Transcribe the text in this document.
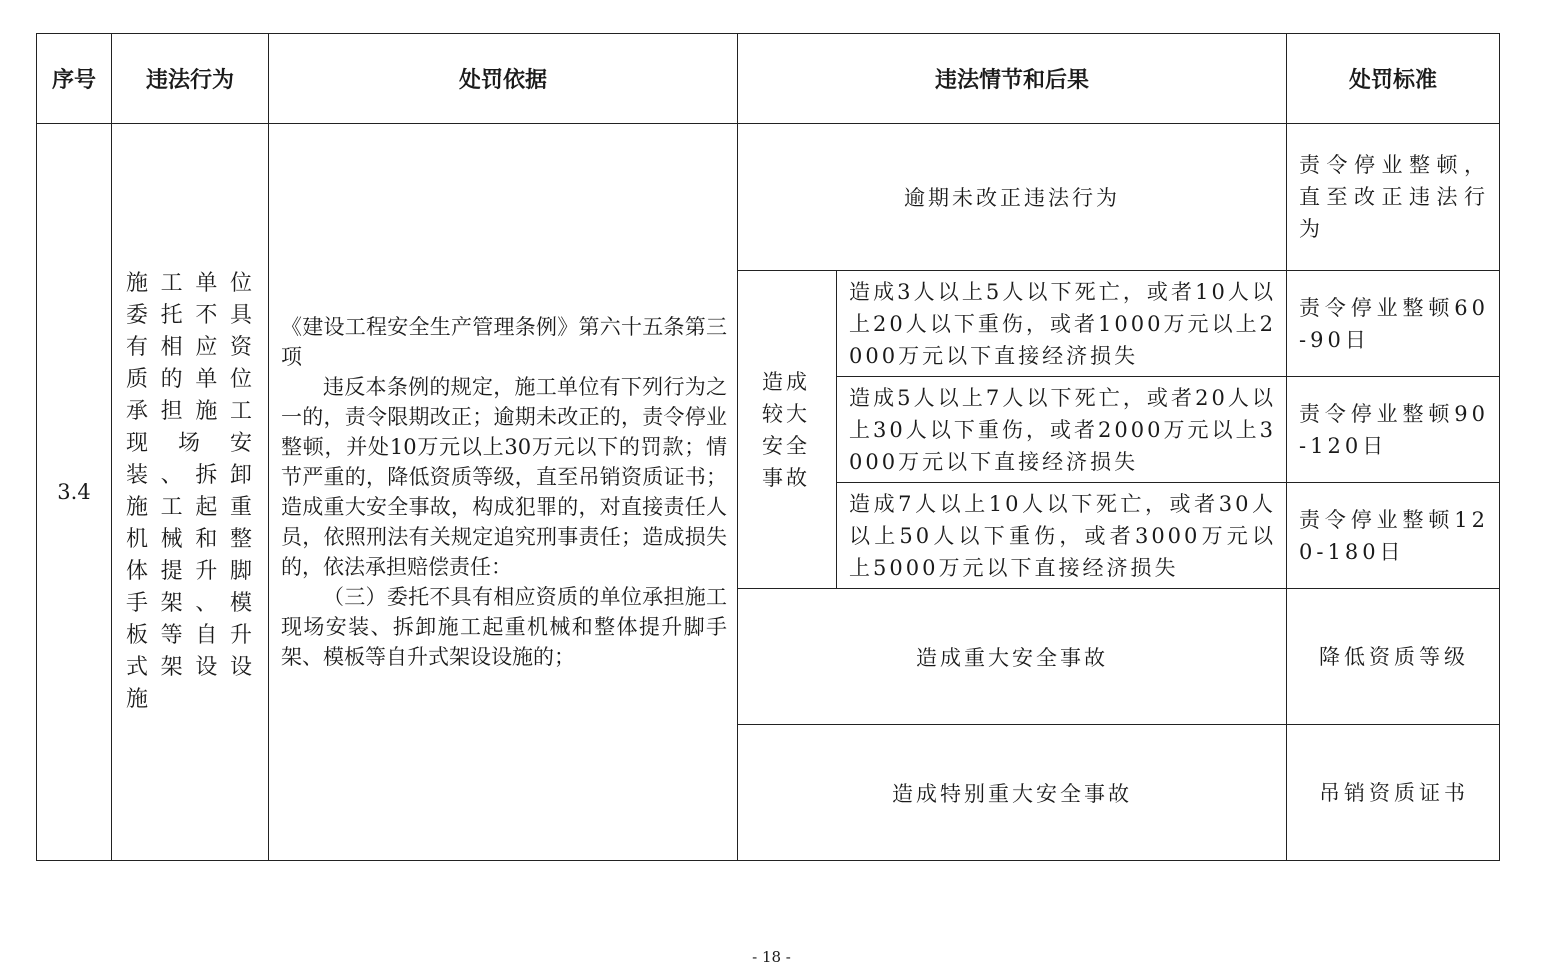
序号	违法行为	处罚依据	违法情节和后果		处罚标准
3.4	施工单位委托不具有相应资质的单位承担施工现场安装、拆卸施工起重机械和整体提升脚手架、模板等自升式架设设施	《建设工程安全生产管理条例》第六十五条第三项
违反本条例的规定，施工单位有下列行为之一的，责令限期改正；逾期未改正的，责令停业整顿，并处10万元以上30万元以下的罚款；情节严重的，降低资质等级，直至吊销资质证书；造成重大安全事故，构成犯罪的，对直接责任人员，依照刑法有关规定追究刑事责任；造成损失的，依法承担赔偿责任：
（三）委托不具有相应资质的单位承担施工现场安装、拆卸施工起重机械和整体提升脚手架、模板等自升式架设设施的；	逾期未改正违法行为		责令停业整顿，直至改正违法行为
			造成较大安全事故	造成3人以上5人以下死亡，或者10人以上20人以下重伤，或者1000万元以上2000万元以下直接经济损失	责令停业整顿60-90日
				造成5人以上7人以下死亡，或者20人以上30人以下重伤，或者2000万元以上3000万元以下直接经济损失	责令停业整顿90-120日
				造成7人以上10人以下死亡，或者30人以上50人以下重伤，或者3000万元以上5000万元以下直接经济损失	责令停业整顿120-180日
			造成重大安全事故		降低资质等级
			造成特别重大安全事故		吊销资质证书
- 18 -
